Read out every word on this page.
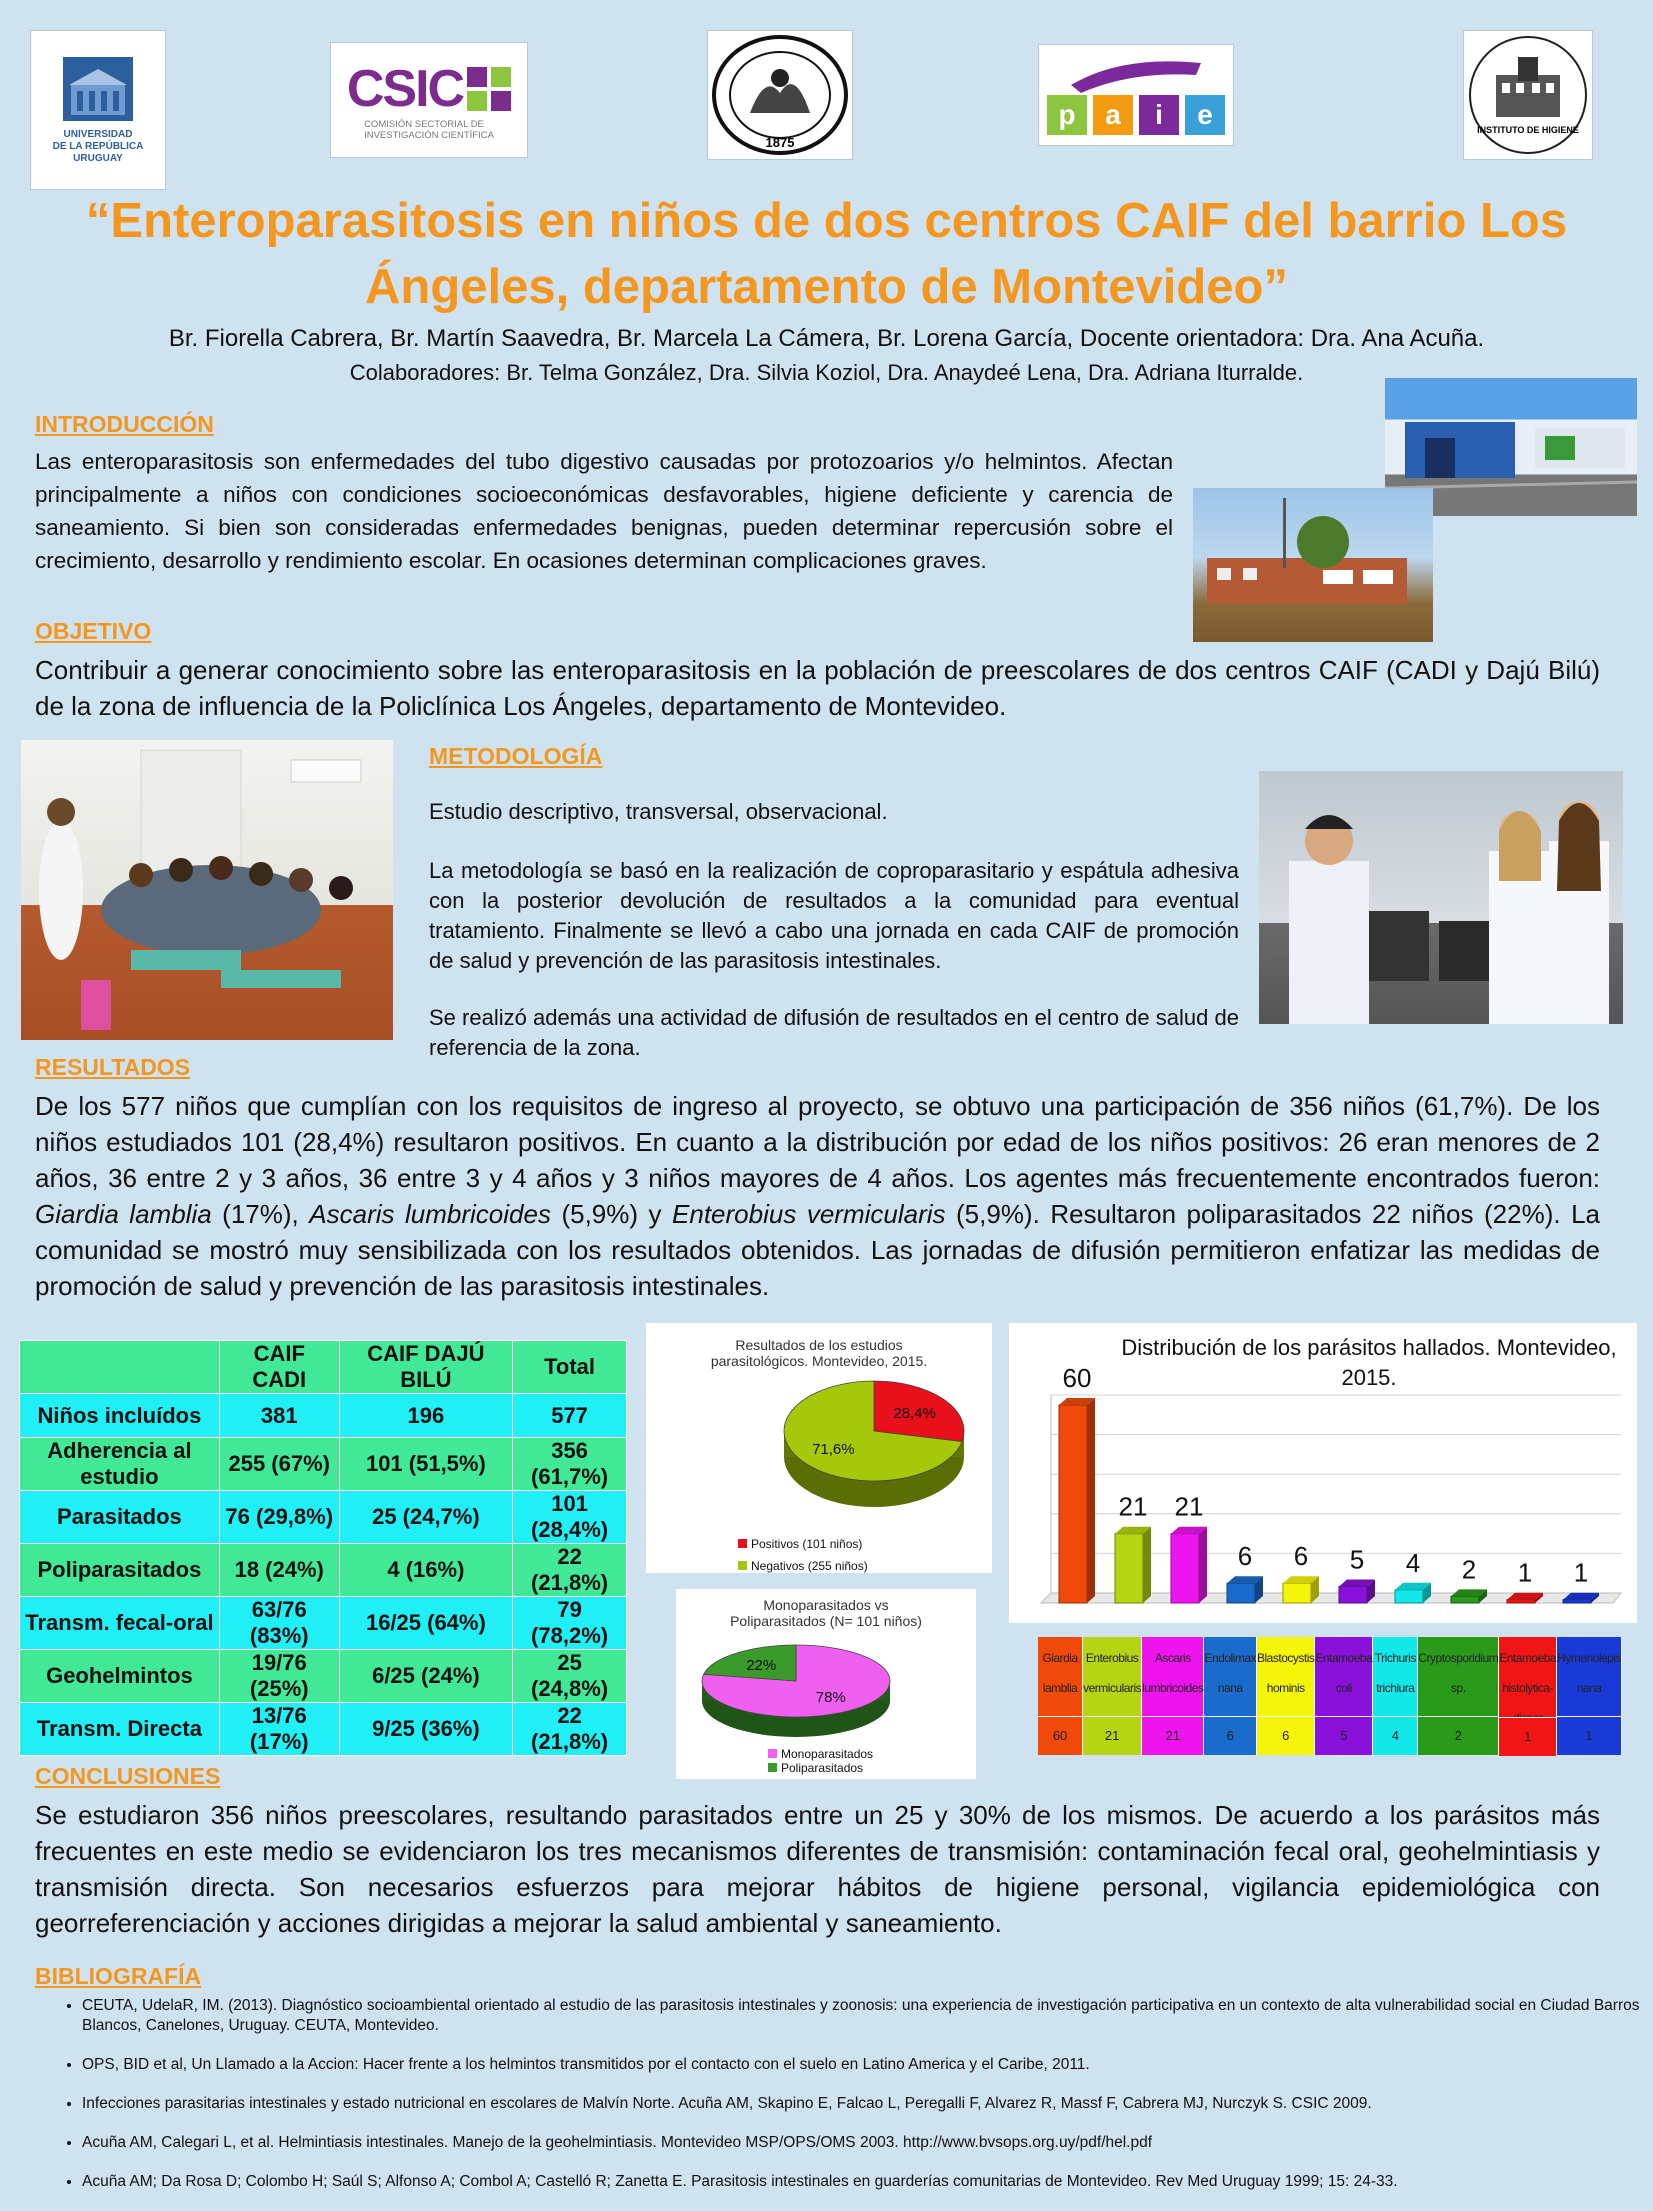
UNIVERSIDAD
DE LA REPÚBLICA
URUGUAY
CSIC
COMISIÓN SECTORIAL DE
INVESTIGACIÓN CIENTÍFICA	1875
p	a	i	e	INSTITUTO DE HIGIENE
“Enteroparasitosis en niños de dos centros CAIF del barrio Los Ángeles, departamento de Montevideo”
Br. Fiorella Cabrera, Br. Martín Saavedra, Br. Marcela La Cámera, Br. Lorena García, Docente orientadora: Dra. Ana Acuña.
Colaboradores: Br. Telma González, Dra. Silvia Koziol, Dra. Anaydeé Lena, Dra. Adriana Iturralde.
INTRODUCCIÓN
Las enteroparasitosis son enfermedades del tubo digestivo causadas por protozoarios y/o helmintos. Afectan principalmente a niños con condiciones socioeconómicas desfavorables, higiene deficiente y carencia de saneamiento. Si bien son consideradas enfermedades benignas, pueden determinar repercusión sobre el crecimiento, desarrollo y rendimiento escolar. En ocasiones determinan complicaciones graves.
OBJETIVO
Contribuir a generar conocimiento sobre las enteroparasitosis en la población de preescolares de dos centros CAIF (CADI y Dajú Bilú) de la zona de influencia de la Policlínica Los Ángeles, departamento de Montevideo.
METODOLOGÍA
Estudio descriptivo, transversal, observacional.
La metodología se basó en la realización de coproparasitario y espátula adhesiva con la posterior devolución de resultados a la comunidad para eventual tratamiento. Finalmente se llevó a cabo una jornada en cada CAIF de promoción de salud y prevención de las parasitosis intestinales.
Se realizó además una actividad de difusión de resultados en el centro de salud de referencia de la zona.
RESULTADOS
De los 577 niños que cumplían con los requisitos de ingreso al proyecto, se obtuvo una participación de 356 niños (61,7%). De los niños estudiados 101 (28,4%) resultaron positivos. En cuanto a la distribución por edad de los niños positivos: 26 eran menores de 2 años, 36 entre 2 y 3 años, 36 entre 3 y 4 años y 3 niños mayores de 4 años. Los agentes más frecuentemente encontrados fueron: Giardia lamblia (17%), Ascaris lumbricoides (5,9%) y Enterobius vermicularis (5,9%). Resultaron poliparasitados 22 niños (22%). La comunidad se mostró muy sensibilizada con los resultados obtenidos. Las jornadas de difusión permitieron enfatizar las medidas de promoción de salud y prevención de las parasitosis intestinales.
	CAIF CADI	CAIF DAJÚ BILÚ	Total
Niños incluídos	381	196	577
Adherencia al estudio	255 (67%)	101 (51,5%)	356 (61,7%)
Parasitados	76 (29,8%)	25 (24,7%)	101 (28,4%)
Poliparasitados	18 (24%)	4 (16%)	22 (21,8%)
Transm. fecal-oral	63/76 (83%)	16/25 (64%)	79 (78,2%)
Geohelmintos	19/76 (25%)	6/25 (24%)	25 (24,8%)
Transm. Directa	13/76 (17%)	9/25 (36%)	22 (21,8%)
Resultados de los estudios parasitológicos. Montevideo, 2015.
28,4%
71,6%
Positivos (101 niños)
Negativos (255 niños)
Monoparasitados vs Poliparasitados (N= 101 niños)
78%
22%
Monoparasitados
Poliparasitados
Distribución de los parásitos hallados. Montevideo, 2015.
60
21 21
6 6 5 4 2 1 1
Giardia
lamblia
60
Enterobius
vermicularis
21
Ascaris
lumbricoides
21
Endolimax
nana
6
Blastocystis
hominis
6
Entamoeba
coli
5
Trichuris
trichiura
4
Cryptosporidium
sp.
2
Entamoeba
histolytica-
1
Hymenolepis
nana
1
CONCLUSIONES
Se estudiaron 356 niños preescolares, resultando parasitados entre un 25 y 30% de los mismos. De acuerdo a los parásitos más frecuentes en este medio se evidenciaron los tres mecanismos diferentes de transmisión: contaminación fecal oral, geohelmintiasis y transmisión directa. Son necesarios esfuerzos para mejorar hábitos de higiene personal, vigilancia epidemiológica con georreferenciación y acciones dirigidas a mejorar la salud ambiental y saneamiento.
BIBLIOGRAFÍA
• CEUTA, UdelaR, IM. (2013). Diagnóstico socioambiental orientado al estudio de las parasitosis intestinales y zoonosis: una experiencia de investigación participativa en un contexto de alta vulnerabilidad social en Ciudad Barros Blancos, Canelones, Uruguay. CEUTA, Montevideo.
• OPS, BID et al, Un Llamado a la Accion: Hacer frente a los helmintos transmitidos por el contacto con el suelo en Latino America y el Caribe, 2011.
• Infecciones parasitarias intestinales y estado nutricional en escolares de Malvín Norte. Acuña AM, Skapino E, Falcao L, Peregalli F, Alvarez R, Massf F, Cabrera MJ, Nurczyk S. CSIC 2009.
• Acuña AM, Calegari L, et al. Helmintiasis intestinales. Manejo de la geohelmintiasis. Montevideo MSP/OPS/OMS 2003. http://www.bvsops.org.uy/pdf/hel.pdf
• Acuña AM; Da Rosa D; Colombo H; Saúl S; Alfonso A; Combol A; Castelló R; Zanetta E. Parasitosis intestinales en guarderías comunitarias de Montevideo. Rev Med Uruguay 1999; 15: 24-33.
